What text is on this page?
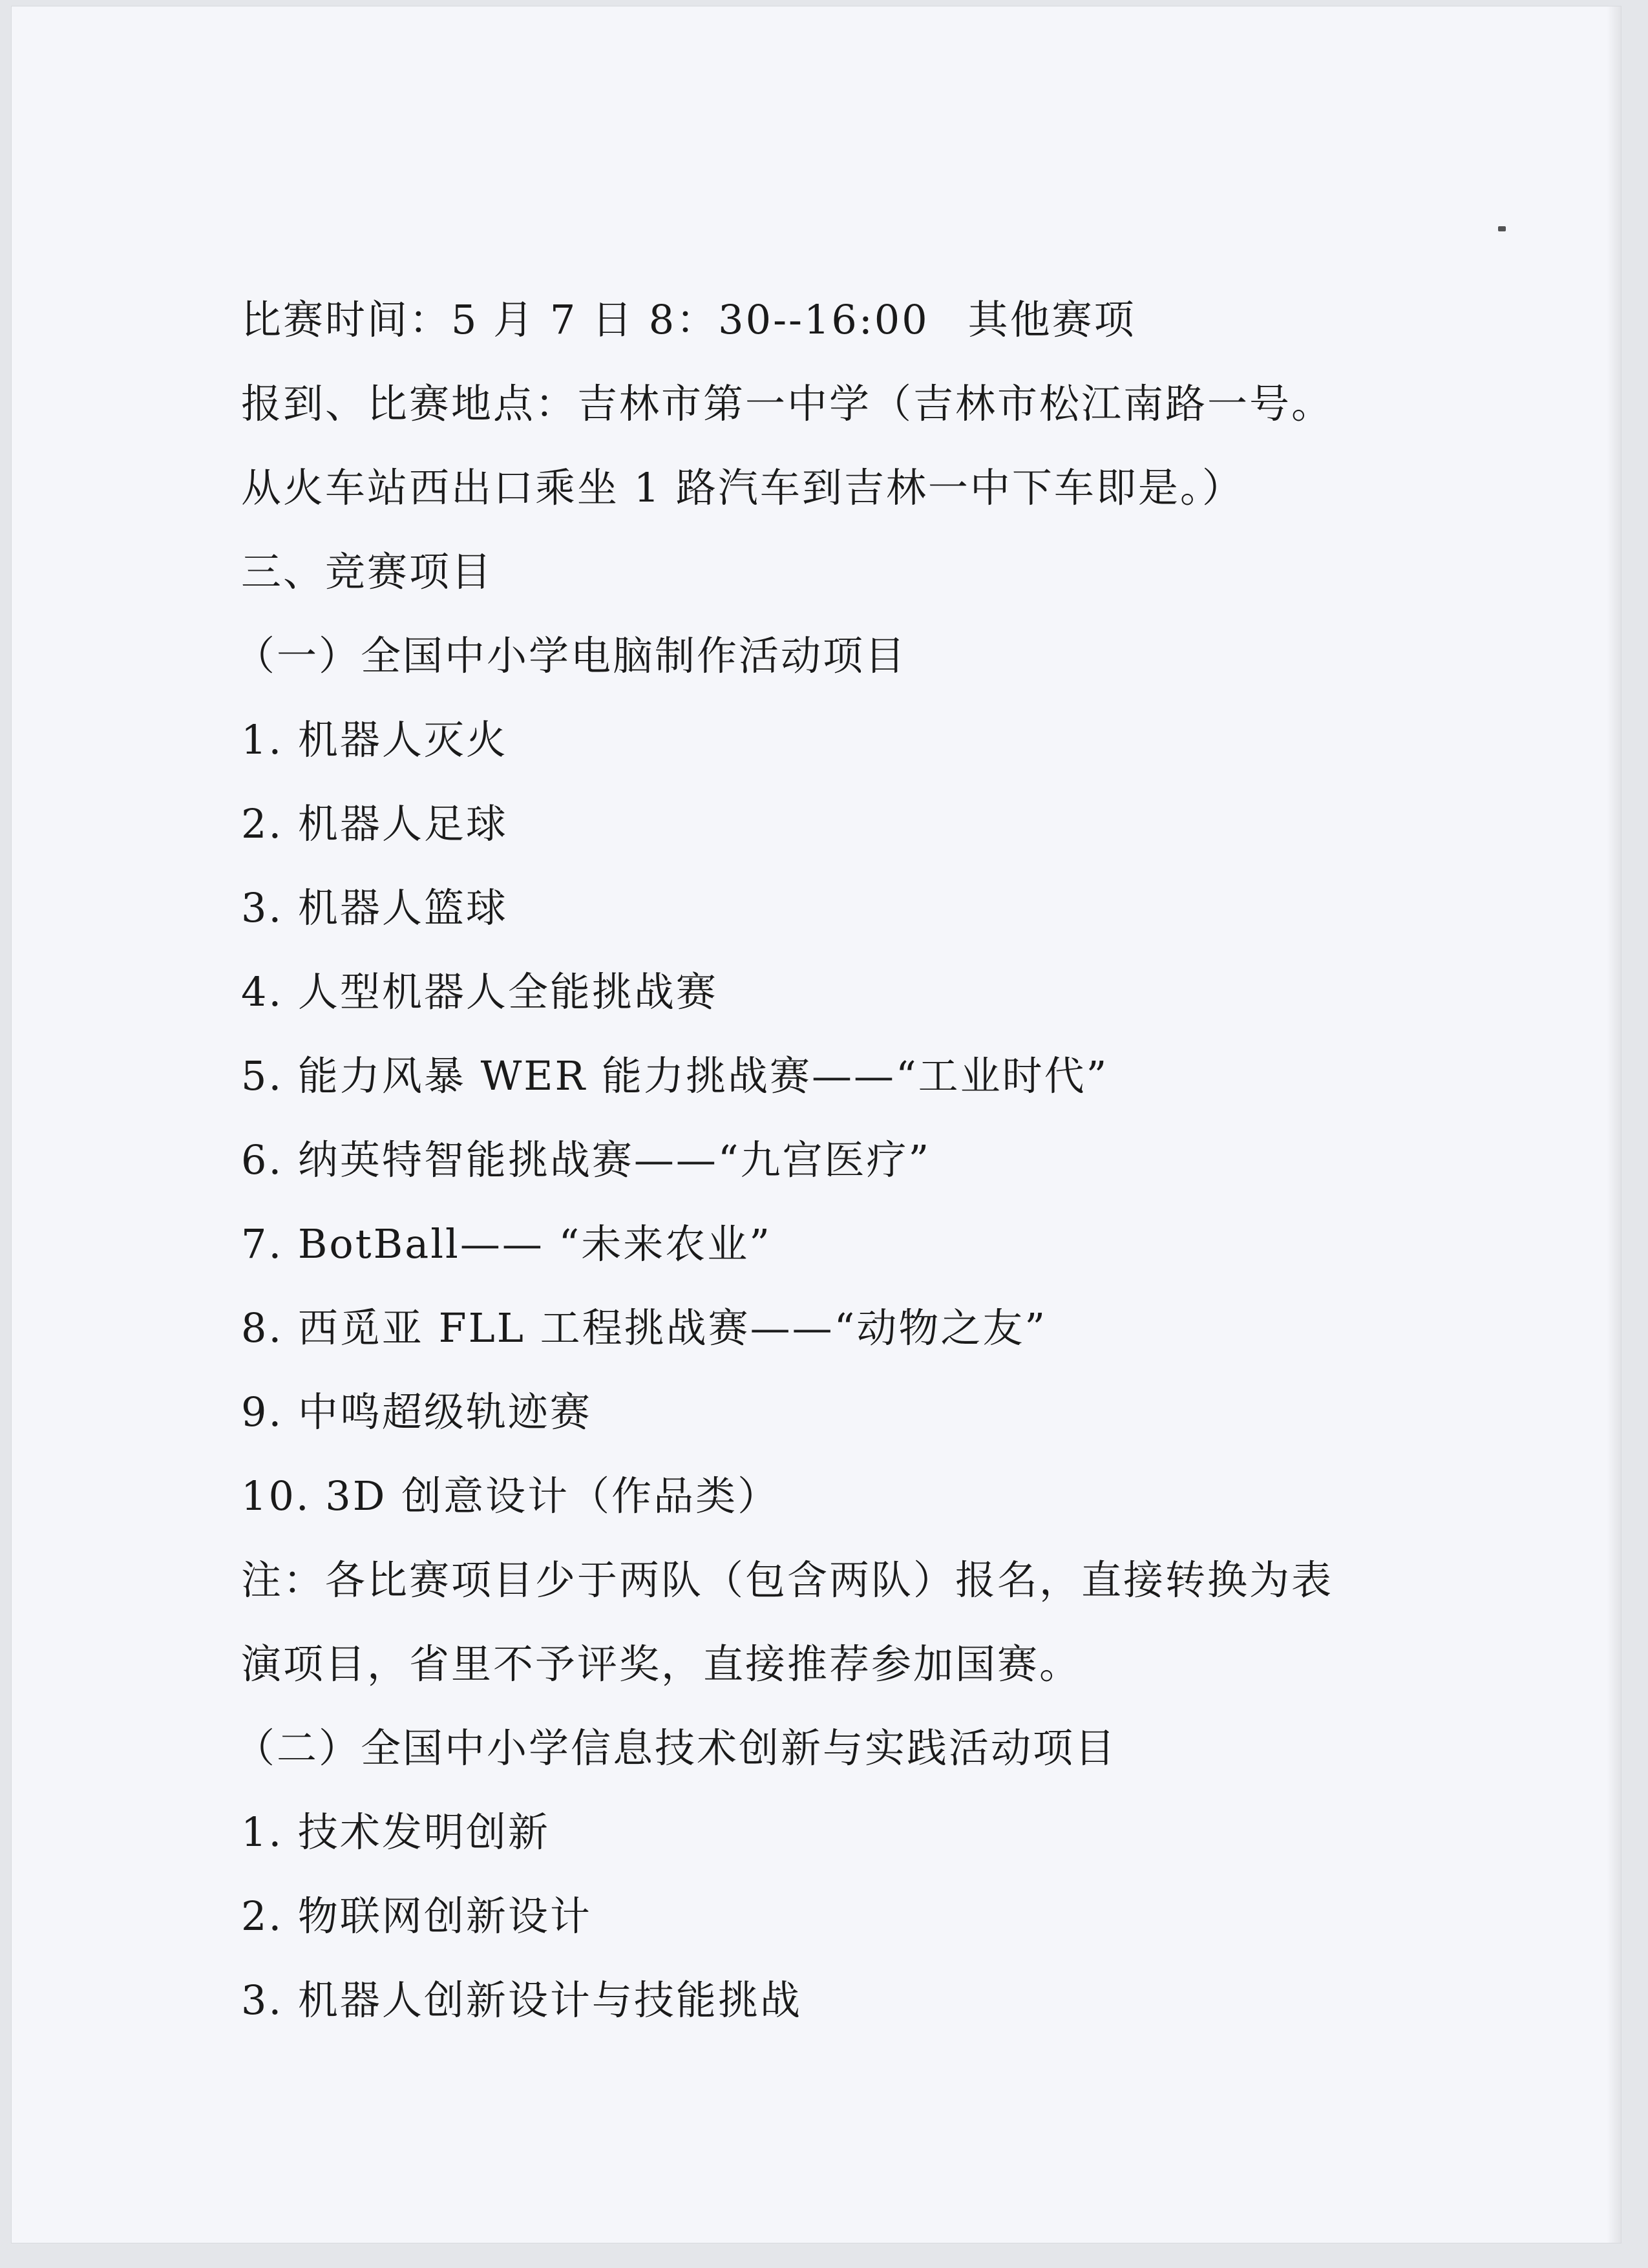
比赛时间：5 月 7 日 8：30--16:00 其他赛项
报到、比赛地点：吉林市第一中学（吉林市松江南路一号。
从火车站西出口乘坐 1 路汽车到吉林一中下车即是。）
三、竞赛项目
（一）全国中小学电脑制作活动项目
1. 机器人灭火
2. 机器人足球
3. 机器人篮球
4. 人型机器人全能挑战赛
5. 能力风暴 WER 能力挑战赛——“工业时代”
6. 纳英特智能挑战赛——“九宫医疗”
7. BotBall—— “未来农业”
8. 西觅亚 FLL 工程挑战赛——“动物之友”
9. 中鸣超级轨迹赛
10. 3D 创意设计（作品类）
注：各比赛项目少于两队（包含两队）报名，直接转换为表
演项目，省里不予评奖，直接推荐参加国赛。
（二）全国中小学信息技术创新与实践活动项目
1. 技术发明创新
2. 物联网创新设计
3. 机器人创新设计与技能挑战
